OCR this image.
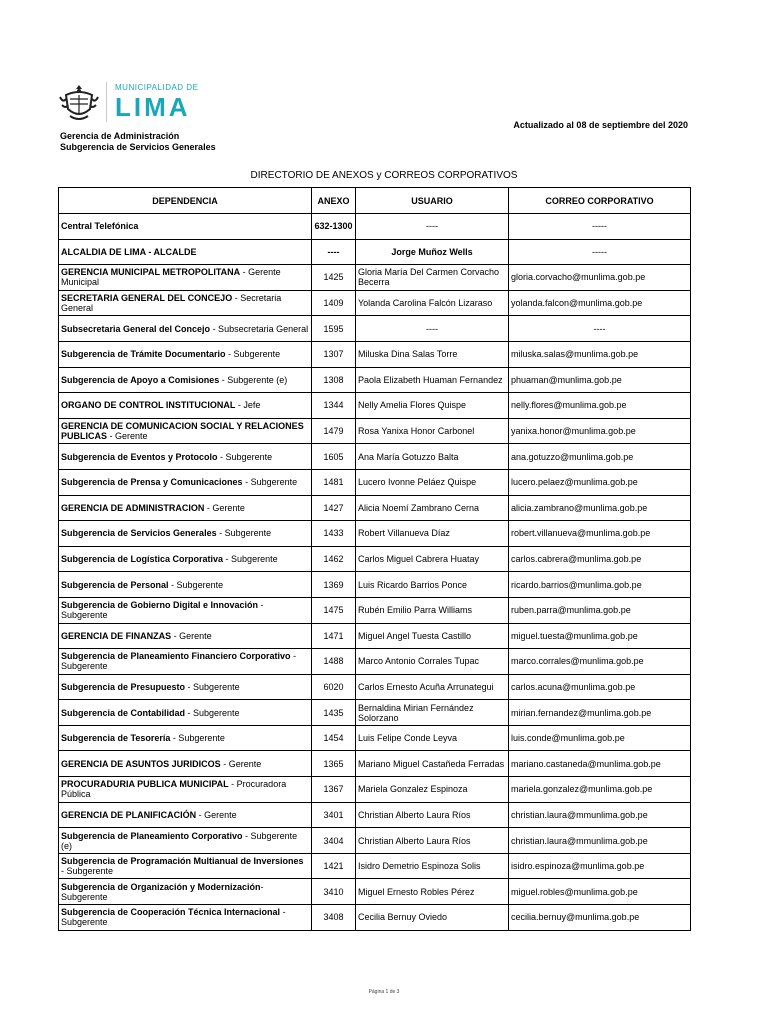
MUNICIPALIDAD DE
LIMA
Actualizado al 08 de septiembre del 2020
Gerencia de Administración
Subgerencia de Servicios Generales
DIRECTORIO DE ANEXOS y CORREOS CORPORATIVOS
DEPENDENCIA	ANEXO	USUARIO	CORREO CORPORATIVO
Central Telefónica	632-1300	----	-----
ALCALDIA DE LIMA - ALCALDE	----	Jorge Muñoz Wells	-----
GERENCIA MUNICIPAL METROPOLITANA - Gerente Municipal	1425	Gloria María Del Carmen Corvacho Becerra	gloria.corvacho@munlima.gob.pe
SECRETARIA GENERAL DEL CONCEJO - Secretaria General	1409	Yolanda Carolina Falcón Lizaraso	yolanda.falcon@munlima.gob.pe
Subsecretaria General del Concejo - Subsecretaria General	1595	----	----
Subgerencia de Trámite Documentario - Subgerente	1307	Miluska Dina Salas Torre	miluska.salas@munlima.gob.pe
Subgerencia de Apoyo a Comisiones - Subgerente (e)	1308	Paola Elizabeth Huaman Fernandez	phuaman@munlima.gob.pe
ORGANO DE CONTROL INSTITUCIONAL - Jefe	1344	Nelly Amelia Flores Quispe	nelly.flores@munlima.gob.pe
GERENCIA DE COMUNICACION SOCIAL Y RELACIONES PUBLICAS - Gerente	1479	Rosa Yanixa Honor Carbonel	yanixa.honor@munlima.gob.pe
Subgerencia de Eventos y Protocolo - Subgerente	1605	Ana María Gotuzzo Balta	ana.gotuzzo@munlima.gob.pe
Subgerencia de Prensa y Comunicaciones - Subgerente	1481	Lucero Ivonne Peláez Quispe	lucero.pelaez@munlima.gob.pe
GERENCIA DE ADMINISTRACION - Gerente	1427	Alicia Noemí Zambrano Cerna	alicia.zambrano@munlima.gob.pe
Subgerencia de Servicios Generales - Subgerente	1433	Robert Villanueva Díaz	robert.villanueva@munlima.gob.pe
Subgerencia de Logística Corporativa - Subgerente	1462	Carlos Miguel Cabrera Huatay	carlos.cabrera@munlima.gob.pe
Subgerencia de Personal - Subgerente	1369	Luis Ricardo Barrios Ponce	ricardo.barrios@munlima.gob.pe
Subgerencia de Gobierno Digital e Innovación - Subgerente	1475	Rubén Emilio Parra Williams	ruben.parra@munlima.gob.pe
GERENCIA DE FINANZAS - Gerente	1471	Miguel Angel Tuesta Castillo	miguel.tuesta@munlima.gob.pe
Subgerencia de Planeamiento Financiero Corporativo - Subgerente	1488	Marco Antonio Corrales Tupac	marco.corrales@munlima.gob.pe
Subgerencia de Presupuesto - Subgerente	6020	Carlos Ernesto Acuña Arrunategui	carlos.acuna@munlima.gob.pe
Subgerencia de Contabilidad - Subgerente	1435	Bernaldina Mirian Fernández Solorzano	mirian.fernandez@munlima.gob.pe
Subgerencia de Tesorería - Subgerente	1454	Luis Felipe Conde Leyva	luis.conde@munlima.gob.pe
GERENCIA DE ASUNTOS JURIDICOS - Gerente	1365	Mariano Miguel Castañeda Ferradas	mariano.castaneda@munlima.gob.pe
PROCURADURIA PUBLICA MUNICIPAL - Procuradora Pública	1367	Mariela Gonzalez Espinoza	mariela.gonzalez@munlima.gob.pe
GERENCIA DE PLANIFICACIÓN - Gerente	3401	Christian Alberto Laura Ríos	christian.laura@mmunlima.gob.pe
Subgerencia de Planeamiento Corporativo - Subgerente (e)	3404	Christian Alberto Laura Ríos	christian.laura@mmunlima.gob.pe
Subgerencia de Programación Multianual de Inversiones - Subgerente	1421	Isidro Demetrio Espinoza Solis	isidro.espinoza@munlima.gob.pe
Subgerencia de Organización y Modernización- Subgerente	3410	Miguel Ernesto Robles Pérez	miguel.robles@munlima.gob.pe
Subgerencia de Cooperación Técnica Internacional - Subgerente	3408	Cecilia Bernuy Oviedo	cecilia.bernuy@munlima.gob.pe
Página 1 de 3
